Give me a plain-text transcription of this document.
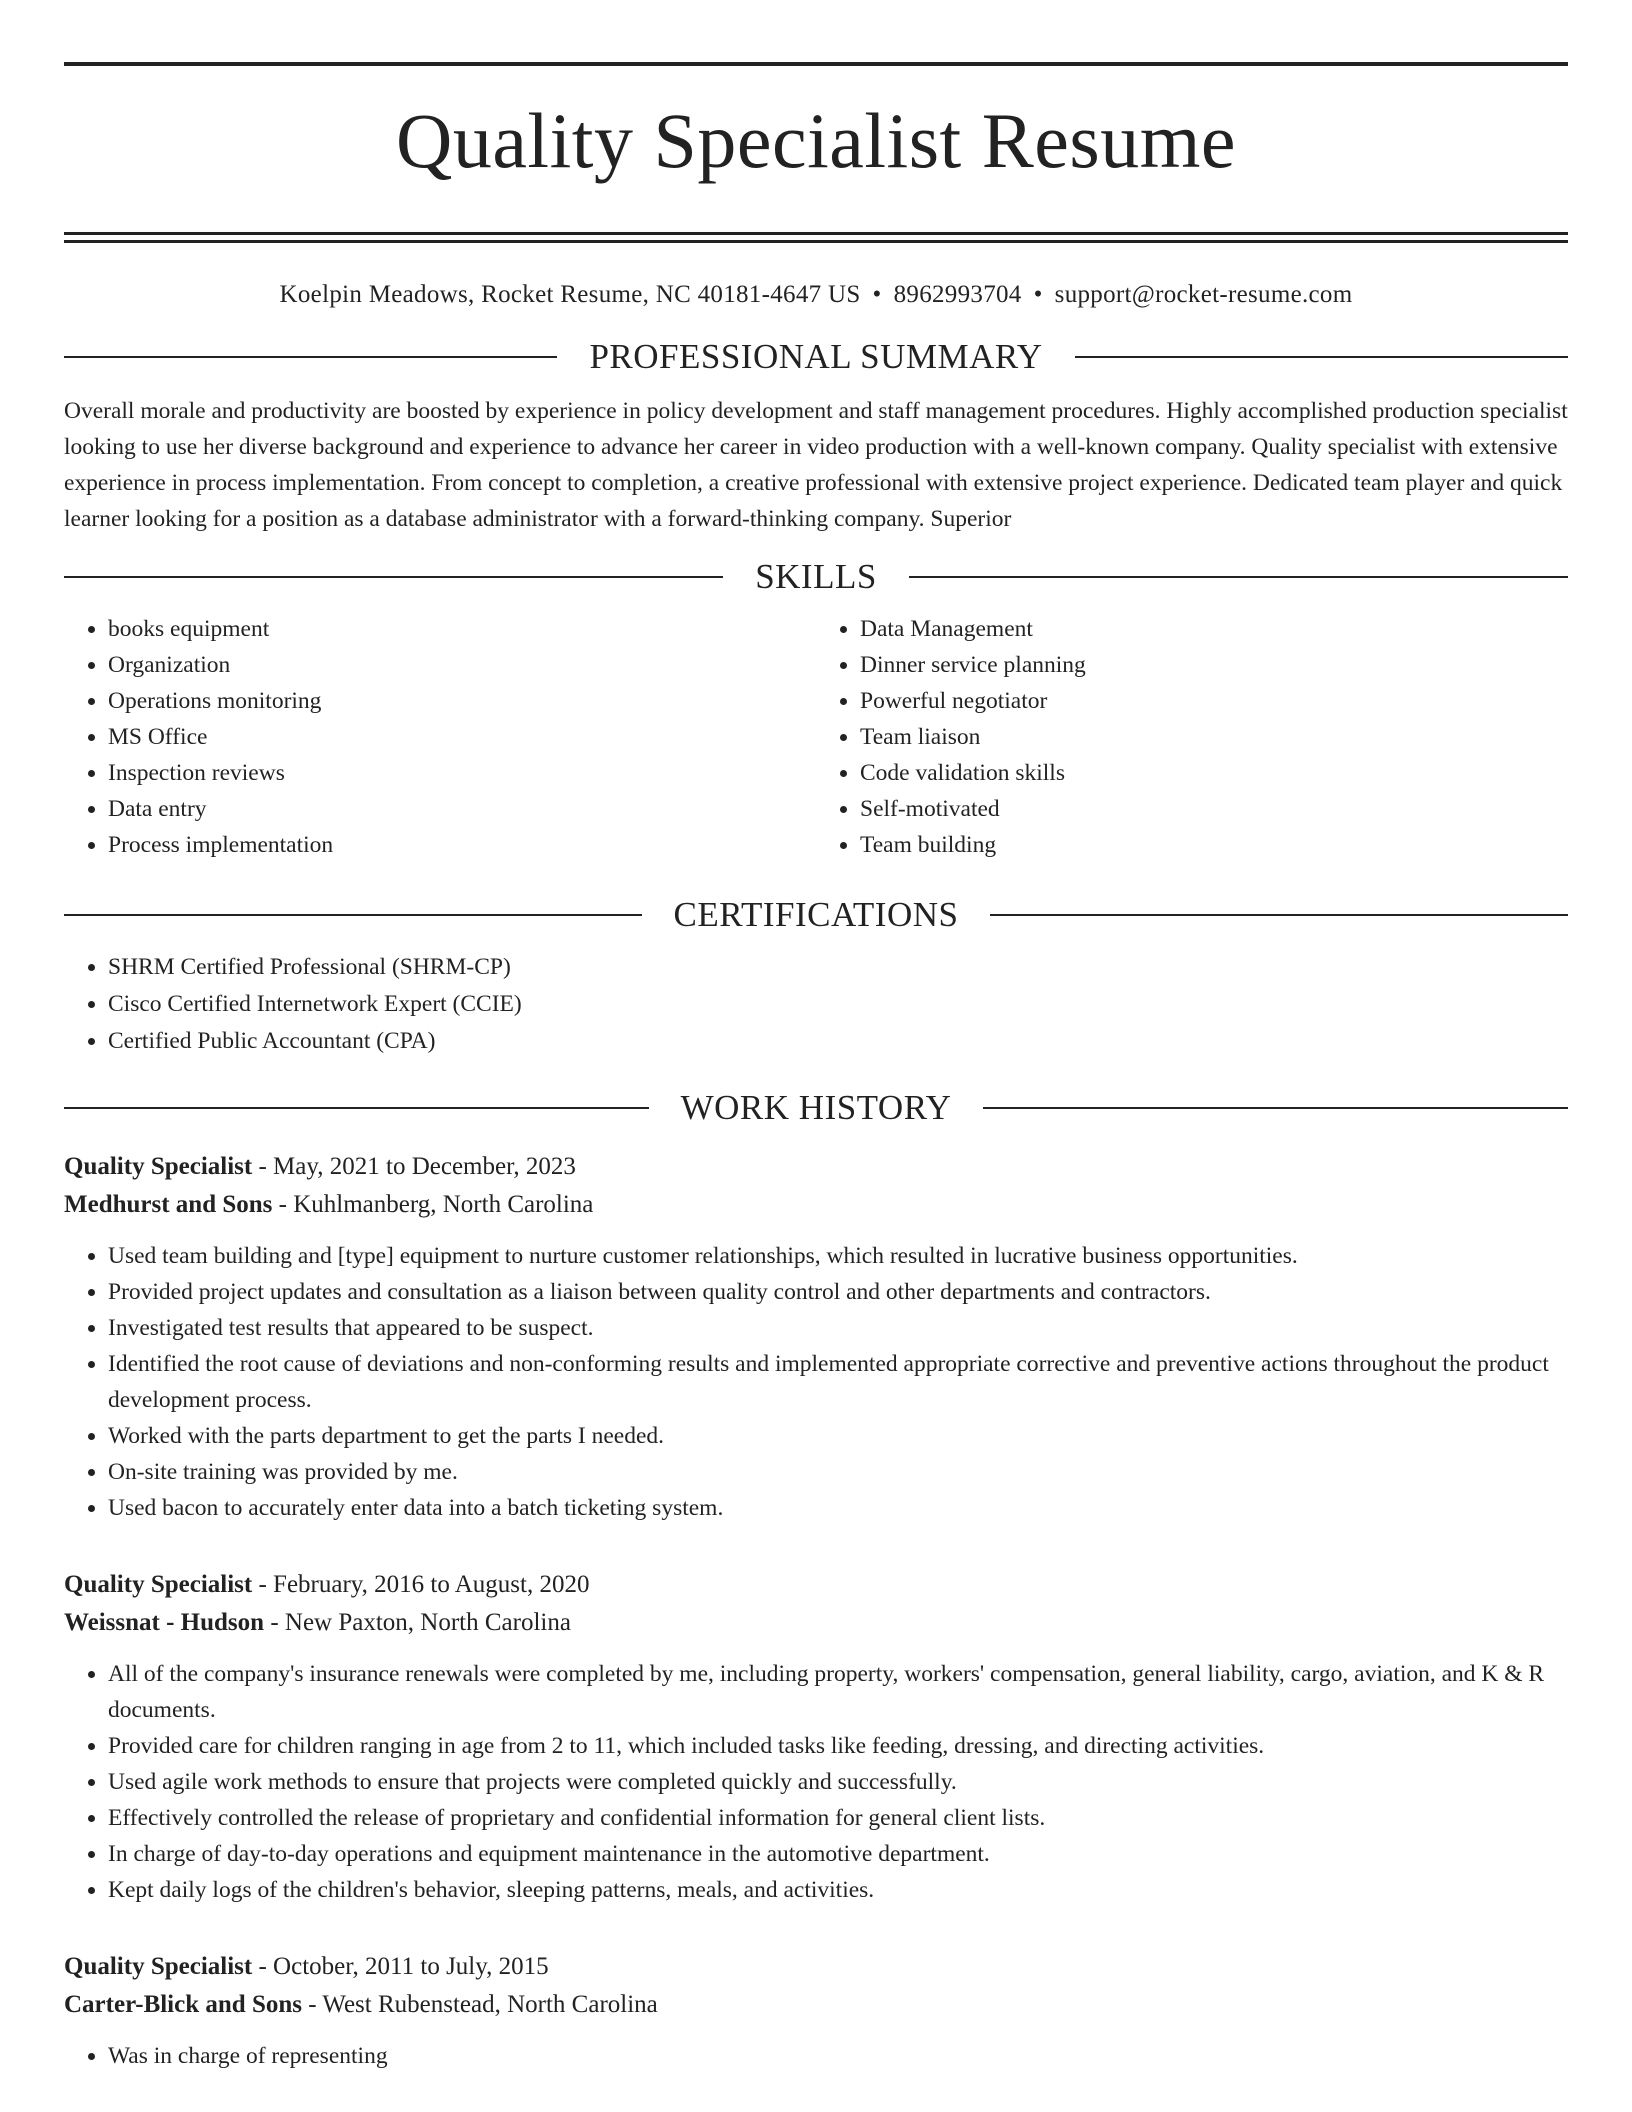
Quality Specialist Resume
Koelpin Meadows, Rocket Resume, NC 40181-4647 US • 8962993704 • support@rocket-resume.com
PROFESSIONAL SUMMARY
Overall morale and productivity are boosted by experience in policy development and staff management procedures. Highly accomplished production specialist looking to use her diverse background and experience to advance her career in video production with a well-known company. Quality specialist with extensive experience in process implementation. From concept to completion, a creative professional with extensive project experience. Dedicated team player and quick learner looking for a position as a database administrator with a forward-thinking company. Superior
SKILLS
• books equipment
• Organization
• Operations monitoring
• MS Office
• Inspection reviews
• Data entry
• Process implementation
• Data Management
• Dinner service planning
• Powerful negotiator
• Team liaison
• Code validation skills
• Self-motivated
• Team building
CERTIFICATIONS
• SHRM Certified Professional (SHRM-CP)
• Cisco Certified Internetwork Expert (CCIE)
• Certified Public Accountant (CPA)
WORK HISTORY
Quality Specialist - May, 2021 to December, 2023
Medhurst and Sons - Kuhlmanberg, North Carolina
• Used team building and [type] equipment to nurture customer relationships, which resulted in lucrative business opportunities.
• Provided project updates and consultation as a liaison between quality control and other departments and contractors.
• Investigated test results that appeared to be suspect.
• Identified the root cause of deviations and non-conforming results and implemented appropriate corrective and preventive actions throughout the product development process.
• Worked with the parts department to get the parts I needed.
• On-site training was provided by me.
• Used bacon to accurately enter data into a batch ticketing system.
Quality Specialist - February, 2016 to August, 2020
Weissnat - Hudson - New Paxton, North Carolina
• All of the company's insurance renewals were completed by me, including property, workers' compensation, general liability, cargo, aviation, and K & R documents.
• Provided care for children ranging in age from 2 to 11, which included tasks like feeding, dressing, and directing activities.
• Used agile work methods to ensure that projects were completed quickly and successfully.
• Effectively controlled the release of proprietary and confidential information for general client lists.
• In charge of day-to-day operations and equipment maintenance in the automotive department.
• Kept daily logs of the children's behavior, sleeping patterns, meals, and activities.
Quality Specialist - October, 2011 to July, 2015
Carter-Blick and Sons - West Rubenstead, North Carolina
• Was in charge of representing
